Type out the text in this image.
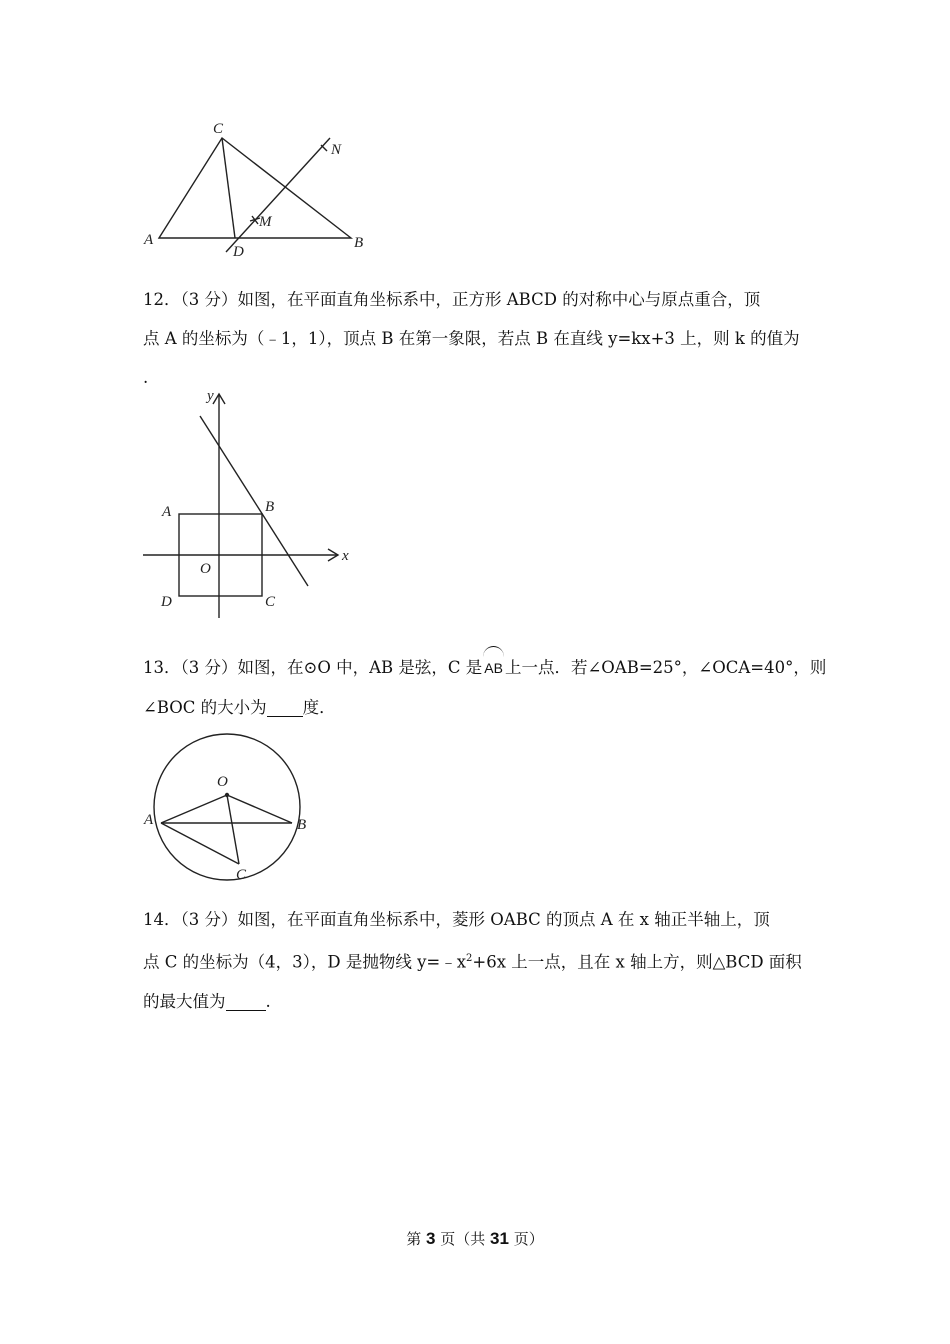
C
N
M
A
D
B
12．（3 分）如图，在平面直角坐标系中，正方形 ABCD 的对称中心与原点重合，顶
点 A 的坐标为（﹣1，1），顶点 B 在第一象限，若点 B 在直线 y=kx+3 上，则 k 的值为
.
y
x
A	B
O
D	C
13．（3 分）如图，在⊙O 中，AB 是弦，C 是 AB 上一点．若∠OAB=25°，∠OCA=40°，则
∠BOC 的大小为 度．
O
A	B
C
14．（3 分）如图，在平面直角坐标系中，菱形 OABC 的顶点 A 在 x 轴正半轴上，顶
点 C 的坐标为（4，3），D 是抛物线 $y=﹣x^2+6x$ 上一点，且在 x 轴上方，则△BCD 面积
的最大值为 .
第 3 页（共 31 页）
